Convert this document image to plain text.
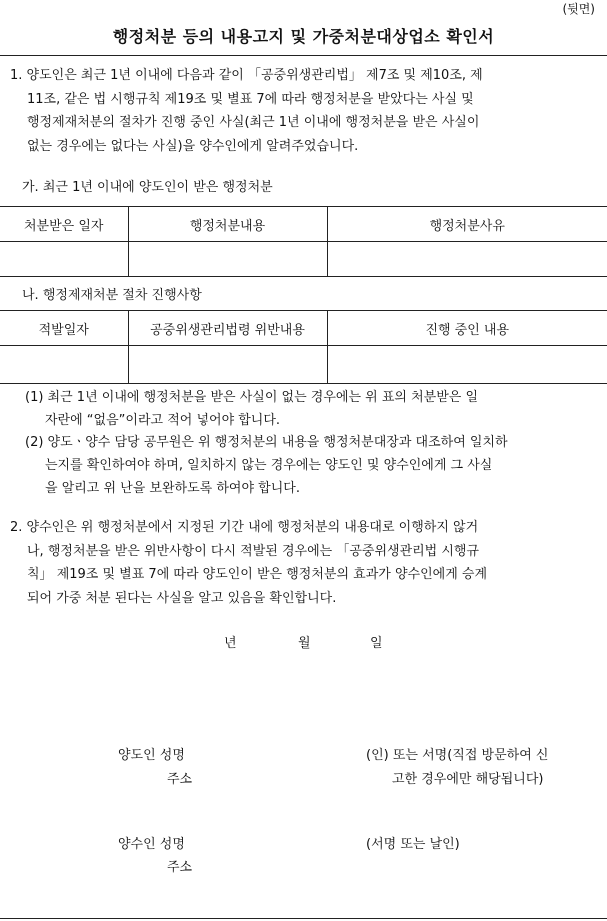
(뒷면)
행정처분 등의 내용고지 및 가중처분대상업소 확인서
1. 양도인은 최근 1년 이내에 다음과 같이 「공중위생관리법」 제7조 및 제10조, 제
11조, 같은 법 시행규칙 제19조 및 별표 7에 따라 행정처분을 받았다는 사실 및
행정제재처분의 절차가 진행 중인 사실(최근 1년 이내에 행정처분을 받은 사실이
없는 경우에는 없다는 사실)을 양수인에게 알려주었습니다.
가. 최근 1년 이내에 양도인이 받은 행정처분
처분받은 일자	행정처분내용	행정처분사유

나. 행정제재처분 절차 진행사항
적발일자	공중위생관리법령 위반내용	진행 중인 내용

(1) 최근 1년 이내에 행정처분을 받은 사실이 없는 경우에는 위 표의 처분받은 일
자란에 “없음”이라고 적어 넣어야 합니다.
(2) 양도ㆍ양수 담당 공무원은 위 행정처분의 내용을 행정처분대장과 대조하여 일치하
는지를 확인하여야 하며, 일치하지 않는 경우에는 양도인 및 양수인에게 그 사실
을 알리고 위 난을 보완하도록 하여야 합니다.
2. 양수인은 위 행정처분에서 지정된 기간 내에 행정처분의 내용대로 이행하지 않거
나, 행정처분을 받은 위반사항이 다시 적발된 경우에는 「공중위생관리법 시행규
칙」 제19조 및 별표 7에 따라 양도인이 받은 행정처분의 효과가 양수인에게 승계
되어 가중 처분 된다는 사실을 알고 있음을 확인합니다.
년	월	일
양도인 성명
주소
(인) 또는 서명(직접 방문하여 신
고한 경우에만 해당됩니다)
양수인 성명
주소
(서명 또는 날인)
